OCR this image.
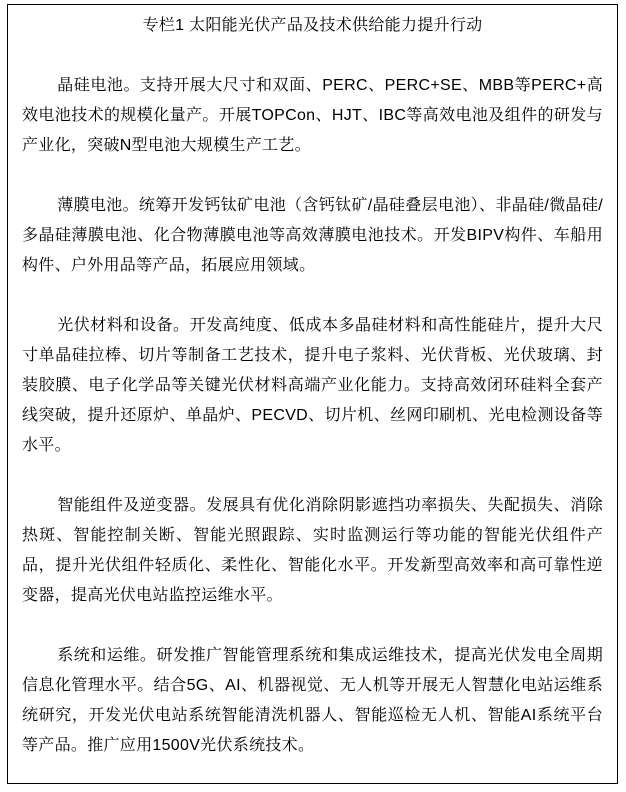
专栏1 太阳能光伏产品及技术供给能力提升行动

晶硅电池。支持开展大尺寸和双面、PERC、PERC+SE、MBB等PERC+高效电池技术的规模化量产。开展TOPCon、HJT、IBC等高效电池及组件的研发与产业化，突破N型电池大规模生产工艺。

薄膜电池。统筹开发钙钛矿电池（含钙钛矿/晶硅叠层电池）、非晶硅/微晶硅/多晶硅薄膜电池、化合物薄膜电池等高效薄膜电池技术。开发BIPV构件、车船用构件、户外用品等产品，拓展应用领域。

光伏材料和设备。开发高纯度、低成本多晶硅材料和高性能硅片，提升大尺寸单晶硅拉棒、切片等制备工艺技术，提升电子浆料、光伏背板、光伏玻璃、封装胶膜、电子化学品等关键光伏材料高端产业化能力。支持高效闭环硅料全套产线突破，提升还原炉、单晶炉、PECVD、切片机、丝网印刷机、光电检测设备等水平。

智能组件及逆变器。发展具有优化消除阴影遮挡功率损失、失配损失、消除热斑、智能控制关断、智能光照跟踪、实时监测运行等功能的智能光伏组件产品，提升光伏组件轻质化、柔性化、智能化水平。开发新型高效率和高可靠性逆变器，提高光伏电站监控运维水平。

系统和运维。研发推广智能管理系统和集成运维技术，提高光伏发电全周期信息化管理水平。结合5G、AI、机器视觉、无人机等开展无人智慧化电站运维系统研究，开发光伏电站系统智能清洗机器人、智能巡检无人机、智能AI系统平台等产品。推广应用1500V光伏系统技术。
